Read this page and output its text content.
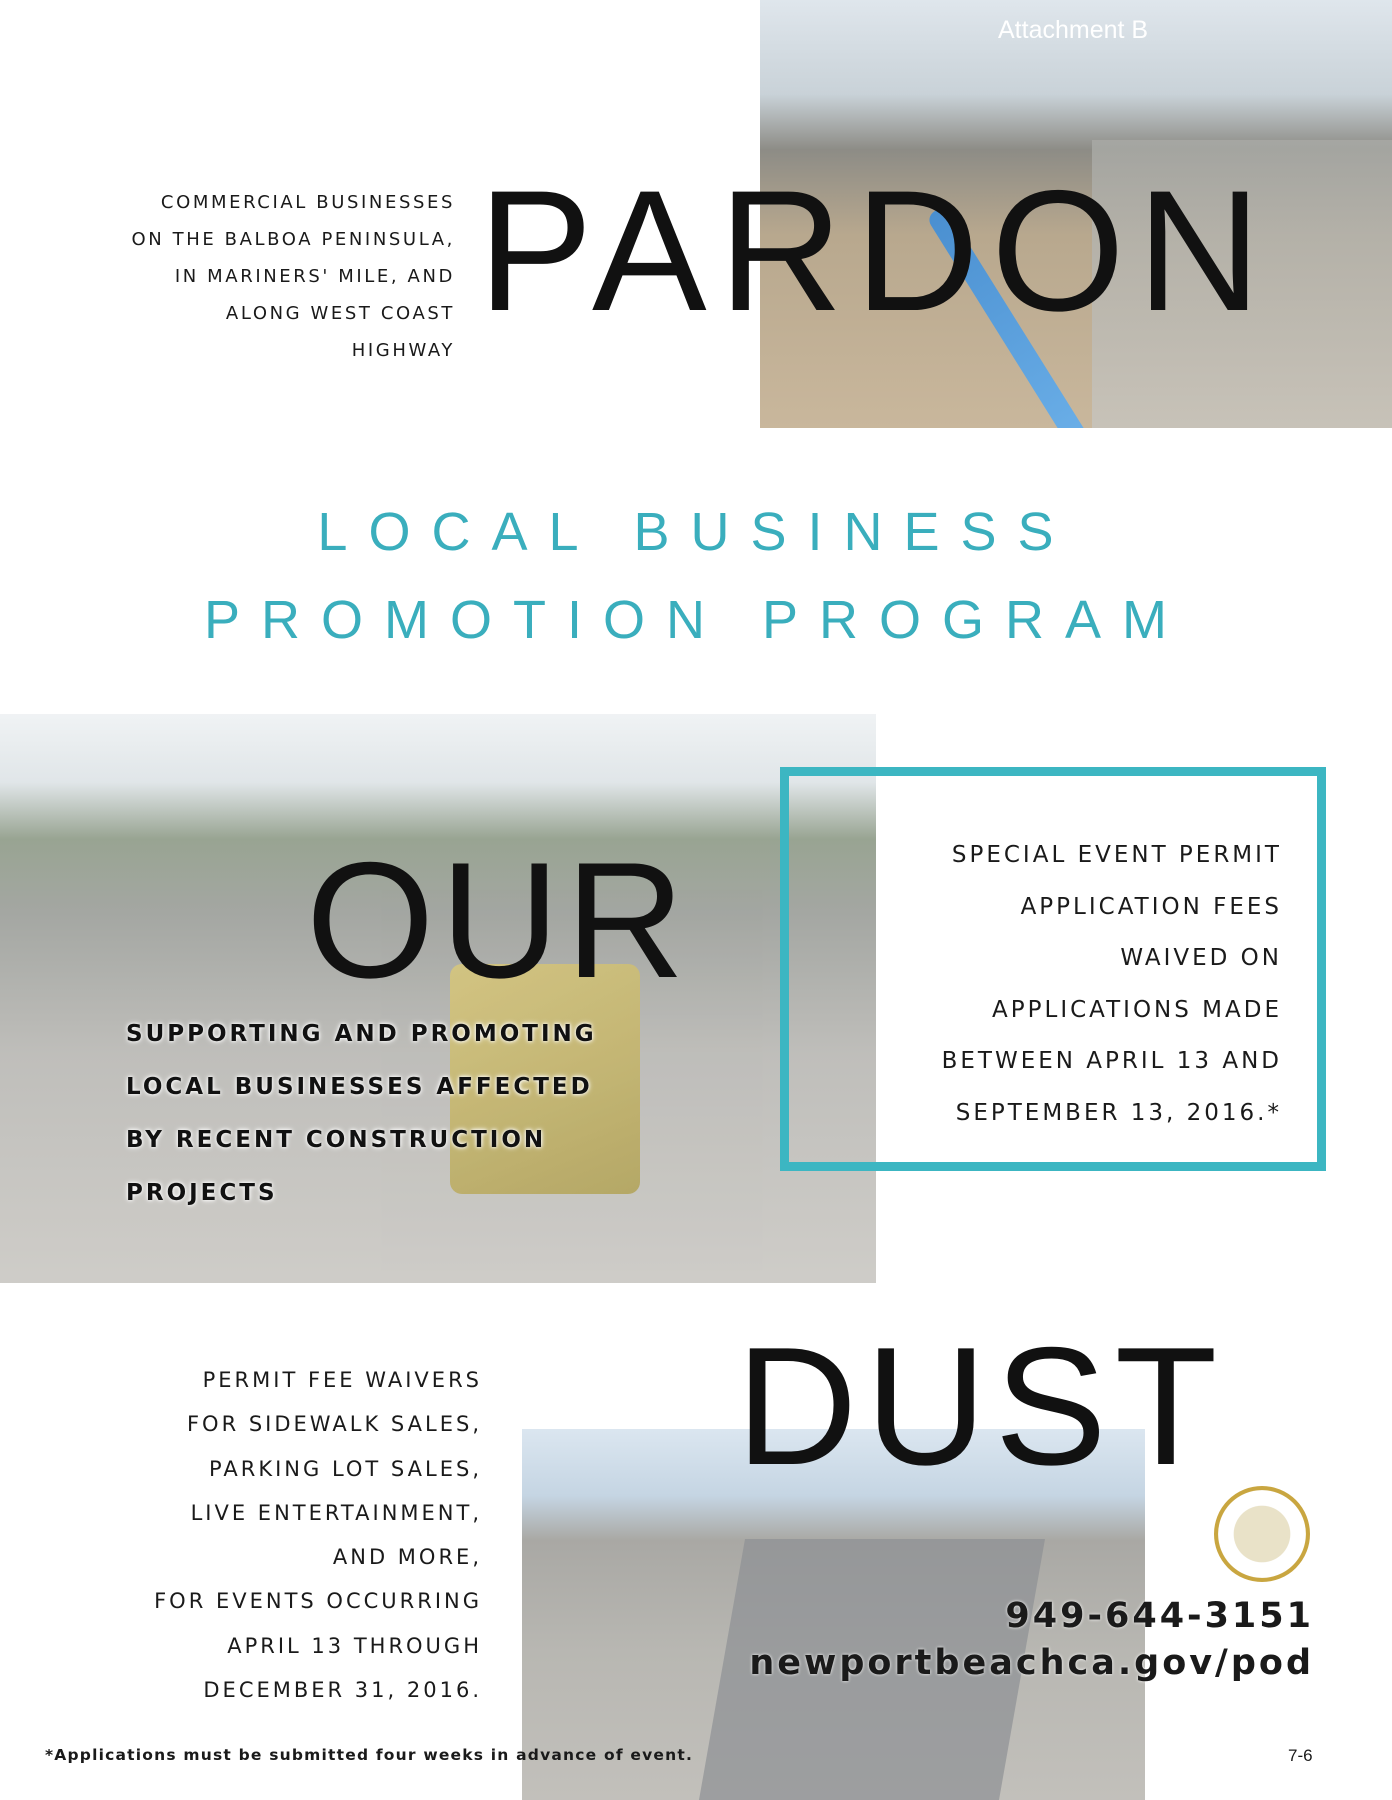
Attachment B
COMMERCIAL BUSINESSES
ON THE BALBOA PENINSULA,
IN MARINERS' MILE, AND
ALONG WEST COAST
HIGHWAY
PARDON
LOCAL BUSINESS
PROMOTION PROGRAM
SPECIAL EVENT PERMIT
APPLICATION FEES
WAIVED ON
APPLICATIONS MADE
BETWEEN APRIL 13 AND
SEPTEMBER 13, 2016.*
OUR
SUPPORTING AND PROMOTING
LOCAL BUSINESSES AFFECTED
BY RECENT CONSTRUCTION
PROJECTS
DUST
PERMIT FEE WAIVERS
FOR SIDEWALK SALES,
PARKING LOT SALES,
LIVE ENTERTAINMENT,
AND MORE,
FOR EVENTS OCCURRING
APRIL 13 THROUGH
DECEMBER 31, 2016.
949-644-3151
newportbeachca.gov/pod
*Applications must be submitted four weeks in advance of event.	7-6
